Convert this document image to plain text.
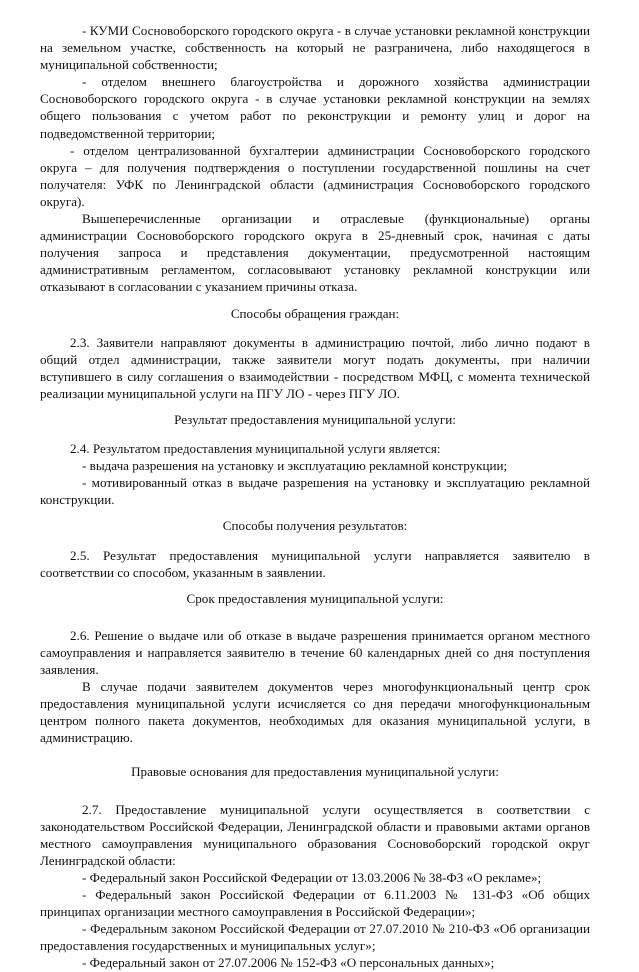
- КУМИ Сосновоборского городского округа - в случае установки рекламной конструкции на земельном участке, собственность на который не разграничена, либо находящегося в муниципальной собственности;

- отделом внешнего благоустройства и дорожного хозяйства администрации Сосновоборского городского округа - в случае установки рекламной конструкции на землях общего пользования с учетом работ по реконструкции и ремонту улиц и дорог на подведомственной территории;

- отделом централизованной бухгалтерии администрации Сосновоборского городского округа – для получения подтверждения о поступлении государственной пошлины на счет получателя: УФК по Ленинградской области (администрация Сосновоборского городского округа).

Вышеперечисленные организации и отраслевые (функциональные) органы администрации Сосновоборского городского округа в 25-дневный срок, начиная с даты получения запроса и представления документации, предусмотренной настоящим административным регламентом, согласовывают установку рекламной конструкции или отказывают в согласовании с указанием причины отказа.

Способы обращения граждан:

2.3. Заявители направляют документы в администрацию почтой, либо лично подают в общий отдел администрации, также заявители могут подать документы, при наличии вступившего в силу соглашения о взаимодействии - посредством МФЦ, с момента технической реализации муниципальной услуги на ПГУ ЛО - через ПГУ ЛО.

Результат предоставления муниципальной услуги:

2.4. Результатом предоставления муниципальной услуги является:

- выдача разрешения на установку и эксплуатацию рекламной конструкции;

- мотивированный отказ в выдаче разрешения на установку и эксплуатацию рекламной конструкции.

Способы получения результатов:

2.5. Результат предоставления муниципальной услуги направляется заявителю в соответствии со способом, указанным в заявлении.

Срок предоставления муниципальной услуги:

2.6. Решение о выдаче или об отказе в выдаче разрешения принимается органом местного самоуправления и направляется заявителю в течение 60 календарных дней со дня поступления заявления.

В случае подачи заявителем документов через многофункциональный центр срок предоставления муниципальной услуги исчисляется со дня передачи многофункциональным центром полного пакета документов, необходимых для оказания муниципальной услуги, в администрацию.

Правовые основания для предоставления муниципальной услуги:

2.7. Предоставление муниципальной услуги осуществляется в соответствии с законодательством Российской Федерации, Ленинградской области и правовыми актами органов местного самоуправления муниципального образования Сосновоборский городской округ Ленинградской области:

- Федеральный закон Российской Федерации от 13.03.2006 № 38-ФЗ «О рекламе»;

- Федеральный закон Российской Федерации от 6.11.2003 № 131-ФЗ «Об общих принципах организации местного самоуправления в Российской Федерации»;

- Федеральным законом Российской Федерации от 27.07.2010 № 210-ФЗ «Об организации предоставления государственных и муниципальных услуг»;

- Федеральный закон от 27.07.2006 № 152-ФЗ «О персональных данных»;
